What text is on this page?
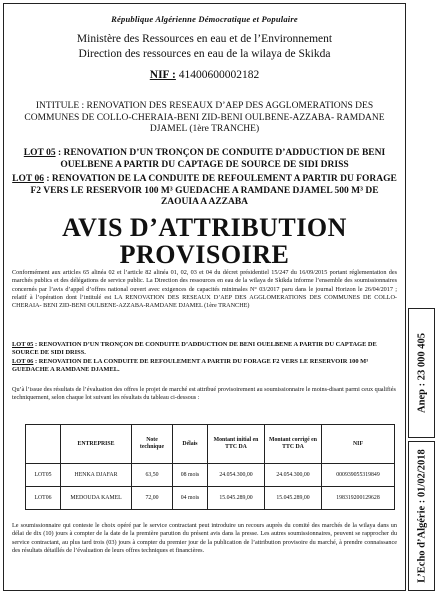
République Algérienne Démocratique et Populaire
Ministère des Ressources en eau et de l’Environnement
Direction des ressources en eau de la wilaya de Skikda
NIF : 41400600002182
INTITULE : RENOVATION DES RESEAUX D’AEP DES AGGLOMERATIONS DES COMMUNES DE COLLO-CHERAIA-BENI ZID-BENI OULBENE-AZZABA- RAMDANE DJAMEL (1ère TRANCHE)
LOT 05 : RENOVATION D’UN TRONÇON DE CONDUITE D’ADDUCTION DE BENI OUELBENE A PARTIR DU CAPTAGE DE SOURCE DE SIDI DRISS
LOT 06 : RENOVATION DE LA CONDUITE DE REFOULEMENT A PARTIR DU FORAGE F2 VERS LE RESERVOIR 100 M³ GUEDACHE A RAMDANE DJAMEL 500 M³ DE ZAOUIA A AZZABA
AVIS D’ATTRIBUTION
PROVISOIRE
Conformément aux articles 65 alinéa 02 et l’article 82 alinéa 01, 02, 03 et 04 du décret présidentiel 15/247 du 16/09/2015 portant réglementation des marchés publics et des délégations de service public. La Direction des ressources en eau de la wilaya de Skikda informe l’ensemble des soumissionnaires concernés par l’avis d’appel d’offres national ouvert avec exigences de capacités minimales N° 03/2017 paru dans le journal Horizon le 26/04/2017 ; relatif à l’opération dont l’intitulé est LA RENOVATION DES RESEAUX D’AEP DES AGGLOMERATIONS DES COMMUNES DE COLLO-CHERAIA- BENI ZID-BENI OULBENE-AZZABA-RAMDANE DJAMEL (1ère TRANCHE)
LOT 05 : RENOVATION D’UN TRONÇON DE CONDUITE D’ADDUCTION DE BENI OUELBENE A PARTIR DU CAPTAGE DE SOURCE DE SIDI DRISS.
LOT 06 : RENOVATION DE LA CONDUITE DE REFOULEMENT A PARTIR DU FORAGE F2 VERS LE RESERVOIR 100 M³ GUEDACHE A RAMDANE DJAMEL.
Qu’à l’issue des résultats de l’évaluation des offres le projet de marché est attribué provisoirement au soumissionnaire le moins-disant parmi ceux qualifiés techniquement, selon chaque lot suivant les résultats du tableau ci-dessous :
	ENTREPRISE	Note technique	Délais	Montant initial en TTC DA	Montant corrigé en TTC DA	NIF
LOT05	HENKA DJAFAR	63,50	08 mois	24.054.300,00	24.054.300,00	000939055319849
LOT06	MEDOUDA KAMEL	72,00	04 mois	15.045.289,00	15.045.289,00	198319200129628
Le soumissionnaire qui conteste le choix opéré par le service contractant peut introduire un recours auprès du comité des marchés de la wilaya dans un délai de dix (10) jours à compter de la date de la première parution du présent avis dans la presse. Les autres soumissionnaires, peuvent se rapprocher du service contractant, au plus tard trois (03) jours à compter du premier jour de la publication de l’attribution provisoire du marché, à prendre connaissance des résultats détaillés de l’évaluation de leurs offres techniques et financières.
Anep : 23 000 405
L’Echo d’Algérie : 01/02/2018
